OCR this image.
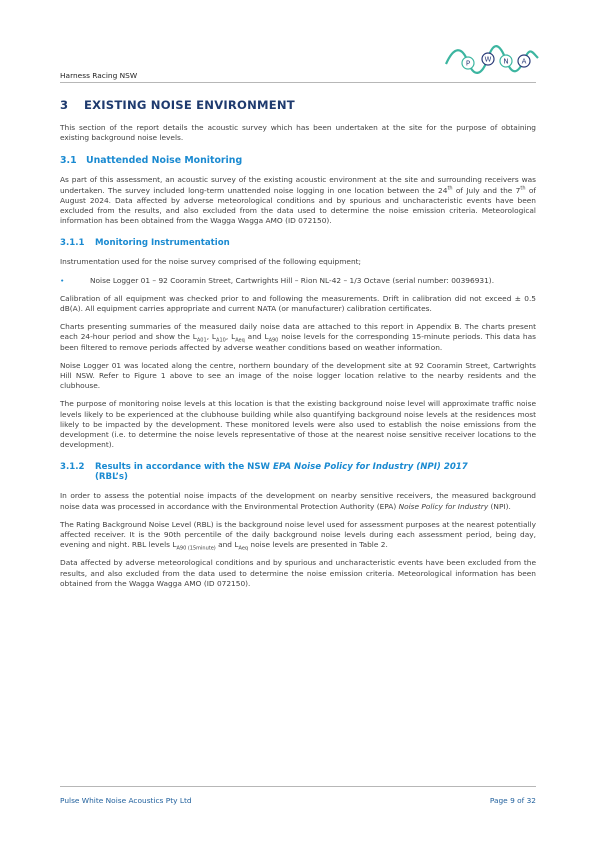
Harness Racing NSW
P W N A
3	EXISTING NOISE ENVIRONMENT

This section of the report details the acoustic survey which has been undertaken at the site for the purpose of obtaining existing background noise levels.

3.1 Unattended Noise Monitoring

As part of this assessment, an acoustic survey of the existing acoustic environment at the site and surrounding receivers was undertaken. The survey included long-term unattended noise logging in one location between the 24th of July and the 7th of August 2024. Data affected by adverse meteorological conditions and by spurious and uncharacteristic events have been excluded from the results, and also excluded from the data used to determine the noise emission criteria. Meteorological information has been obtained from the Wagga Wagga AMO (ID 072150).

3.1.1	Monitoring Instrumentation

Instrumentation used for the noise survey comprised of the following equipment;

•	Noise Logger 01 – 92 Cooramin Street, Cartwrights Hill – Rion NL-42 – 1/3 Octave (serial number: 00396931).

Calibration of all equipment was checked prior to and following the measurements. Drift in calibration did not exceed ± 0.5 dB(A). All equipment carries appropriate and current NATA (or manufacturer) calibration certificates.

Charts presenting summaries of the measured daily noise data are attached to this report in Appendix B. The charts present each 24-hour period and show the $L_{A01}$, $L_{A10}$, $L_{Aeq}$ and $L_{A90}$ noise levels for the corresponding 15-minute periods. This data has been filtered to remove periods affected by adverse weather conditions based on weather information.

Noise Logger 01 was located along the centre, northern boundary of the development site at 92 Cooramin Street, Cartwrights Hill NSW. Refer to Figure 1 above to see an image of the noise logger location relative to the nearby residents and the clubhouse.

The purpose of monitoring noise levels at this location is that the existing background noise level will approximate traffic noise levels likely to be experienced at the clubhouse building while also quantifying background noise levels at the residences most likely to be impacted by the development. These monitored levels were also used to establish the noise emissions from the development (i.e. to determine the noise levels representative of those at the nearest noise sensitive receiver locations to the development).

3.1.2	Results in accordance with the NSW EPA Noise Policy for Industry (NPI) 2017
(RBL’s)

In order to assess the potential noise impacts of the development on nearby sensitive receivers, the measured background noise data was processed in accordance with the Environmental Protection Authority (EPA) Noise Policy for Industry (NPI).

The Rating Background Noise Level (RBL) is the background noise level used for assessment purposes at the nearest potentially affected receiver. It is the 90th percentile of the daily background noise levels during each assessment period, being day, evening and night. RBL levels $L_{A90 (15minute)}$ and $L_{Aeq}$ noise levels are presented in Table 2.

Data affected by adverse meteorological conditions and by spurious and uncharacteristic events have been excluded from the results, and also excluded from the data used to determine the noise emission criteria. Meteorological information has been obtained from the Wagga Wagga AMO (ID 072150).

Pulse White Noise Acoustics Pty Ltd	Page 9 of 32
